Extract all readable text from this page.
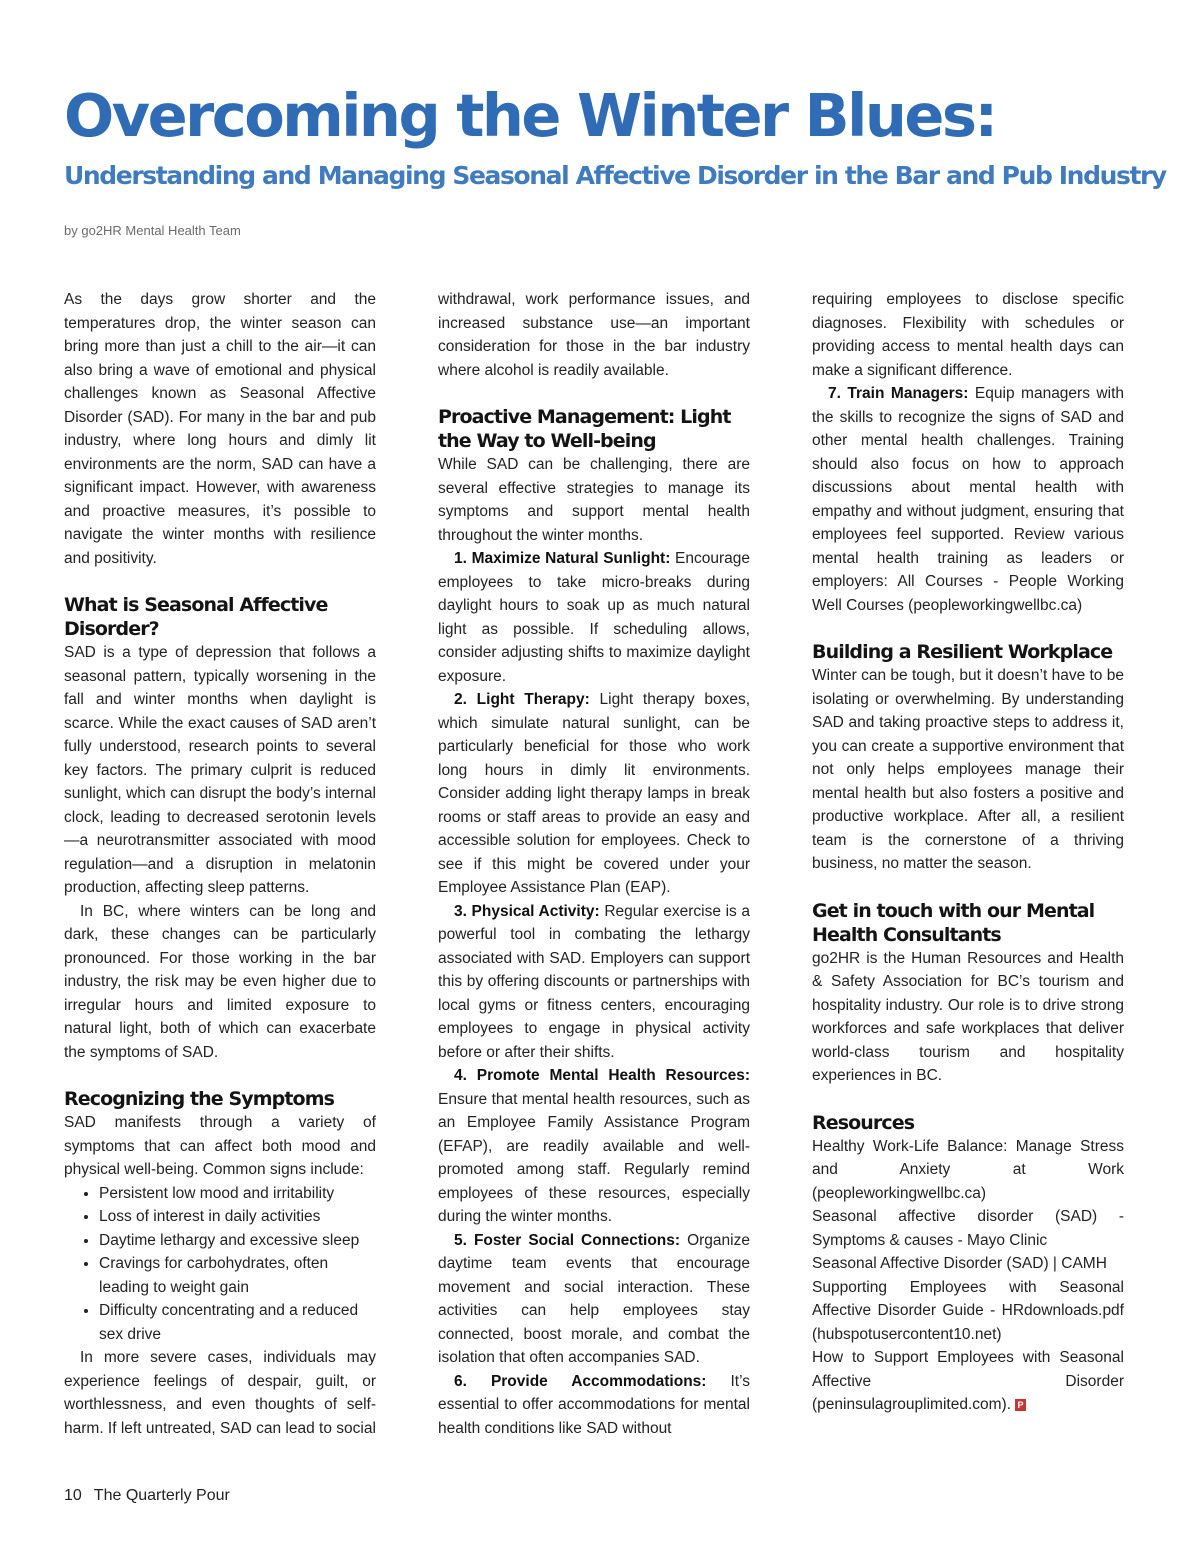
Overcoming the Winter Blues:
Understanding and Managing Seasonal Affective Disorder in the Bar and Pub Industry
by go2HR Mental Health Team

As the days grow shorter and the temperatures drop, the winter season can bring more than just a chill to the air—it can also bring a wave of emotional and physical challenges known as Seasonal Affective Disorder (SAD). For many in the bar and pub industry, where long hours and dimly lit environments are the norm, SAD can have a significant impact. However, with awareness and proactive measures, it’s possible to navigate the winter months with resilience and positivity.

What is Seasonal Affective Disorder?

SAD is a type of depression that follows a seasonal pattern, typically worsening in the fall and winter months when daylight is scarce. While the exact causes of SAD aren’t fully understood, research points to several key factors. The primary culprit is reduced sunlight, which can disrupt the body’s internal clock, leading to decreased serotonin levels—a neurotransmitter associated with mood regulation—and a disruption in melatonin production, affecting sleep patterns.

In BC, where winters can be long and dark, these changes can be particularly pronounced. For those working in the bar industry, the risk may be even higher due to irregular hours and limited exposure to natural light, both of which can exacerbate the symptoms of SAD.

Recognizing the Symptoms

SAD manifests through a variety of symptoms that can affect both mood and physical well-being. Common signs include:

• Persistent low mood and irritability
• Loss of interest in daily activities
• Daytime lethargy and excessive sleep
• Cravings for carbohydrates, often leading to weight gain
• Difficulty concentrating and a reduced sex drive

In more severe cases, individuals may experience feelings of despair, guilt, or worthlessness, and even thoughts of self-harm. If left untreated, SAD can lead to social

withdrawal, work performance issues, and increased substance use—an important consideration for those in the bar industry where alcohol is readily available.

Proactive Management: Light the Way to Well-being

While SAD can be challenging, there are several effective strategies to manage its symptoms and support mental health throughout the winter months.

1. Maximize Natural Sunlight: Encourage employees to take micro-breaks during daylight hours to soak up as much natural light as possible. If scheduling allows, consider adjusting shifts to maximize daylight exposure.

2. Light Therapy: Light therapy boxes, which simulate natural sunlight, can be particularly beneficial for those who work long hours in dimly lit environments. Consider adding light therapy lamps in break rooms or staff areas to provide an easy and accessible solution for employees. Check to see if this might be covered under your Employee Assistance Plan (EAP).

3. Physical Activity: Regular exercise is a powerful tool in combating the lethargy associated with SAD. Employers can support this by offering discounts or partnerships with local gyms or fitness centers, encouraging employees to engage in physical activity before or after their shifts.

4. Promote Mental Health Resources: Ensure that mental health resources, such as an Employee Family Assistance Program (EFAP), are readily available and well-promoted among staff. Regularly remind employees of these resources, especially during the winter months.

5. Foster Social Connections: Organize daytime team events that encourage movement and social interaction. These activities can help employees stay connected, boost morale, and combat the isolation that often accompanies SAD.

6. Provide Accommodations: It’s essential to offer accommodations for mental health conditions like SAD without

requiring employees to disclose specific diagnoses. Flexibility with schedules or providing access to mental health days can make a significant difference.

7. Train Managers: Equip managers with the skills to recognize the signs of SAD and other mental health challenges. Training should also focus on how to approach discussions about mental health with empathy and without judgment, ensuring that employees feel supported. Review various mental health training as leaders or employers: All Courses - People Working Well Courses (peopleworkingwellbc.ca)

Building a Resilient Workplace

Winter can be tough, but it doesn’t have to be isolating or overwhelming. By understanding SAD and taking proactive steps to address it, you can create a supportive environment that not only helps employees manage their mental health but also fosters a positive and productive workplace. After all, a resilient team is the cornerstone of a thriving business, no matter the season.

Get in touch with our Mental Health Consultants

go2HR is the Human Resources and Health & Safety Association for BC’s tourism and hospitality industry. Our role is to drive strong workforces and safe workplaces that deliver world-class tourism and hospitality experiences in BC.

Resources

Healthy Work-Life Balance: Manage Stress and Anxiety at Work (peopleworkingwellbc.ca)

Seasonal affective disorder (SAD) - Symptoms & causes - Mayo Clinic

Seasonal Affective Disorder (SAD) | CAMH

Supporting Employees with Seasonal Affective Disorder Guide - HRdownloads.pdf (hubspotusercontent10.net)

How to Support Employees with Seasonal Affective Disorder (peninsulagrouplimited.com). P

10 The Quarterly Pour
